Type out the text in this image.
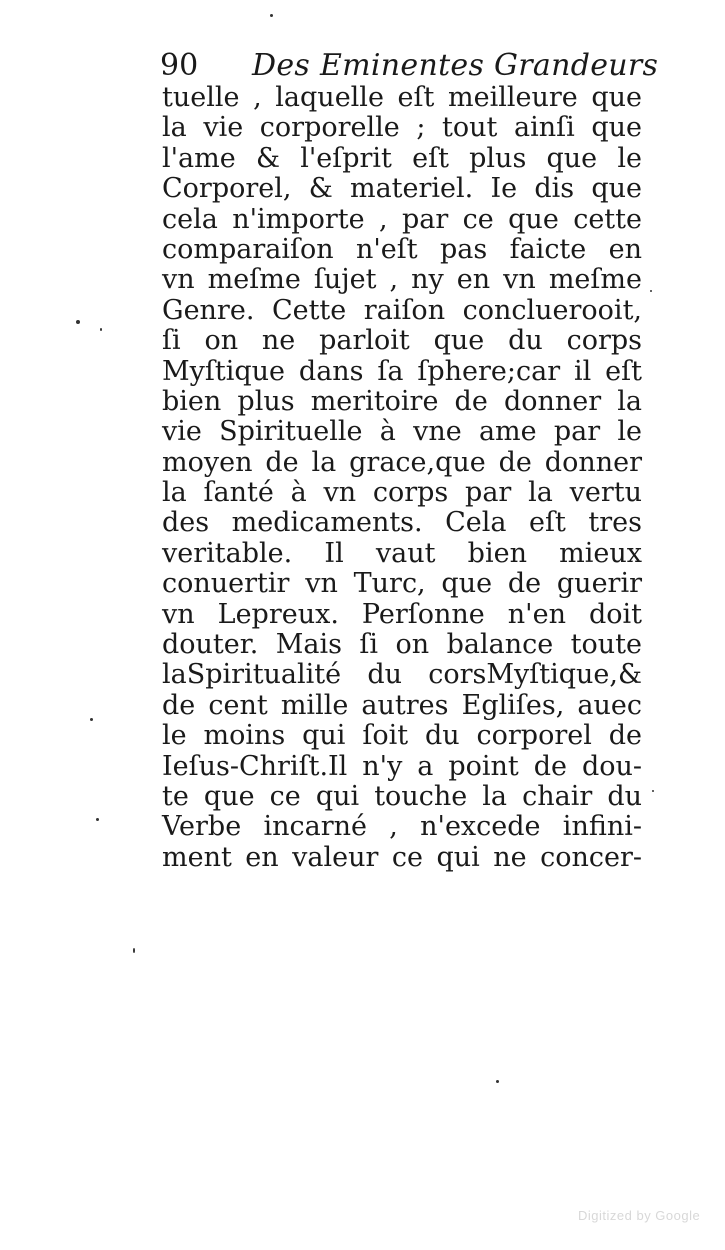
90 Des Eminentes Grandeurs
tuelle , laquelle eſt meilleure que
la vie corporelle ; tout ainſi que
l'ame & l'eſprit eſt plus que le
Corporel, & materiel. Ie dis que
cela n'importe , par ce que cette
comparaiſon n'eſt pas faicte en
vn meſme ſujet , ny en vn meſme
Genre. Cette raiſon concluerooit,
ſi on ne parloit que du corps
Myſtique dans ſa ſphere;car il eſt
bien plus meritoire de donner la
vie Spirituelle à vne ame par le
moyen de la grace,que de donner
la ſanté à vn corps par la vertu
des medicaments. Cela eſt tres
veritable. Il vaut bien mieux
conuertir vn Turc, que de guerir
vn Lepreux. Perſonne n'en doit
douter. Mais ſi on balance toute
laSpiritualité du corsMyſtique,&
de cent mille autres Egliſes, auec
le moins qui ſoit du corporel de
Ieſus-Chriſt.Il n'y a point de dou-
te que ce qui touche la chair du
Verbe incarné , n'excede infini-
ment en valeur ce qui ne concer-
Digitized by Google
